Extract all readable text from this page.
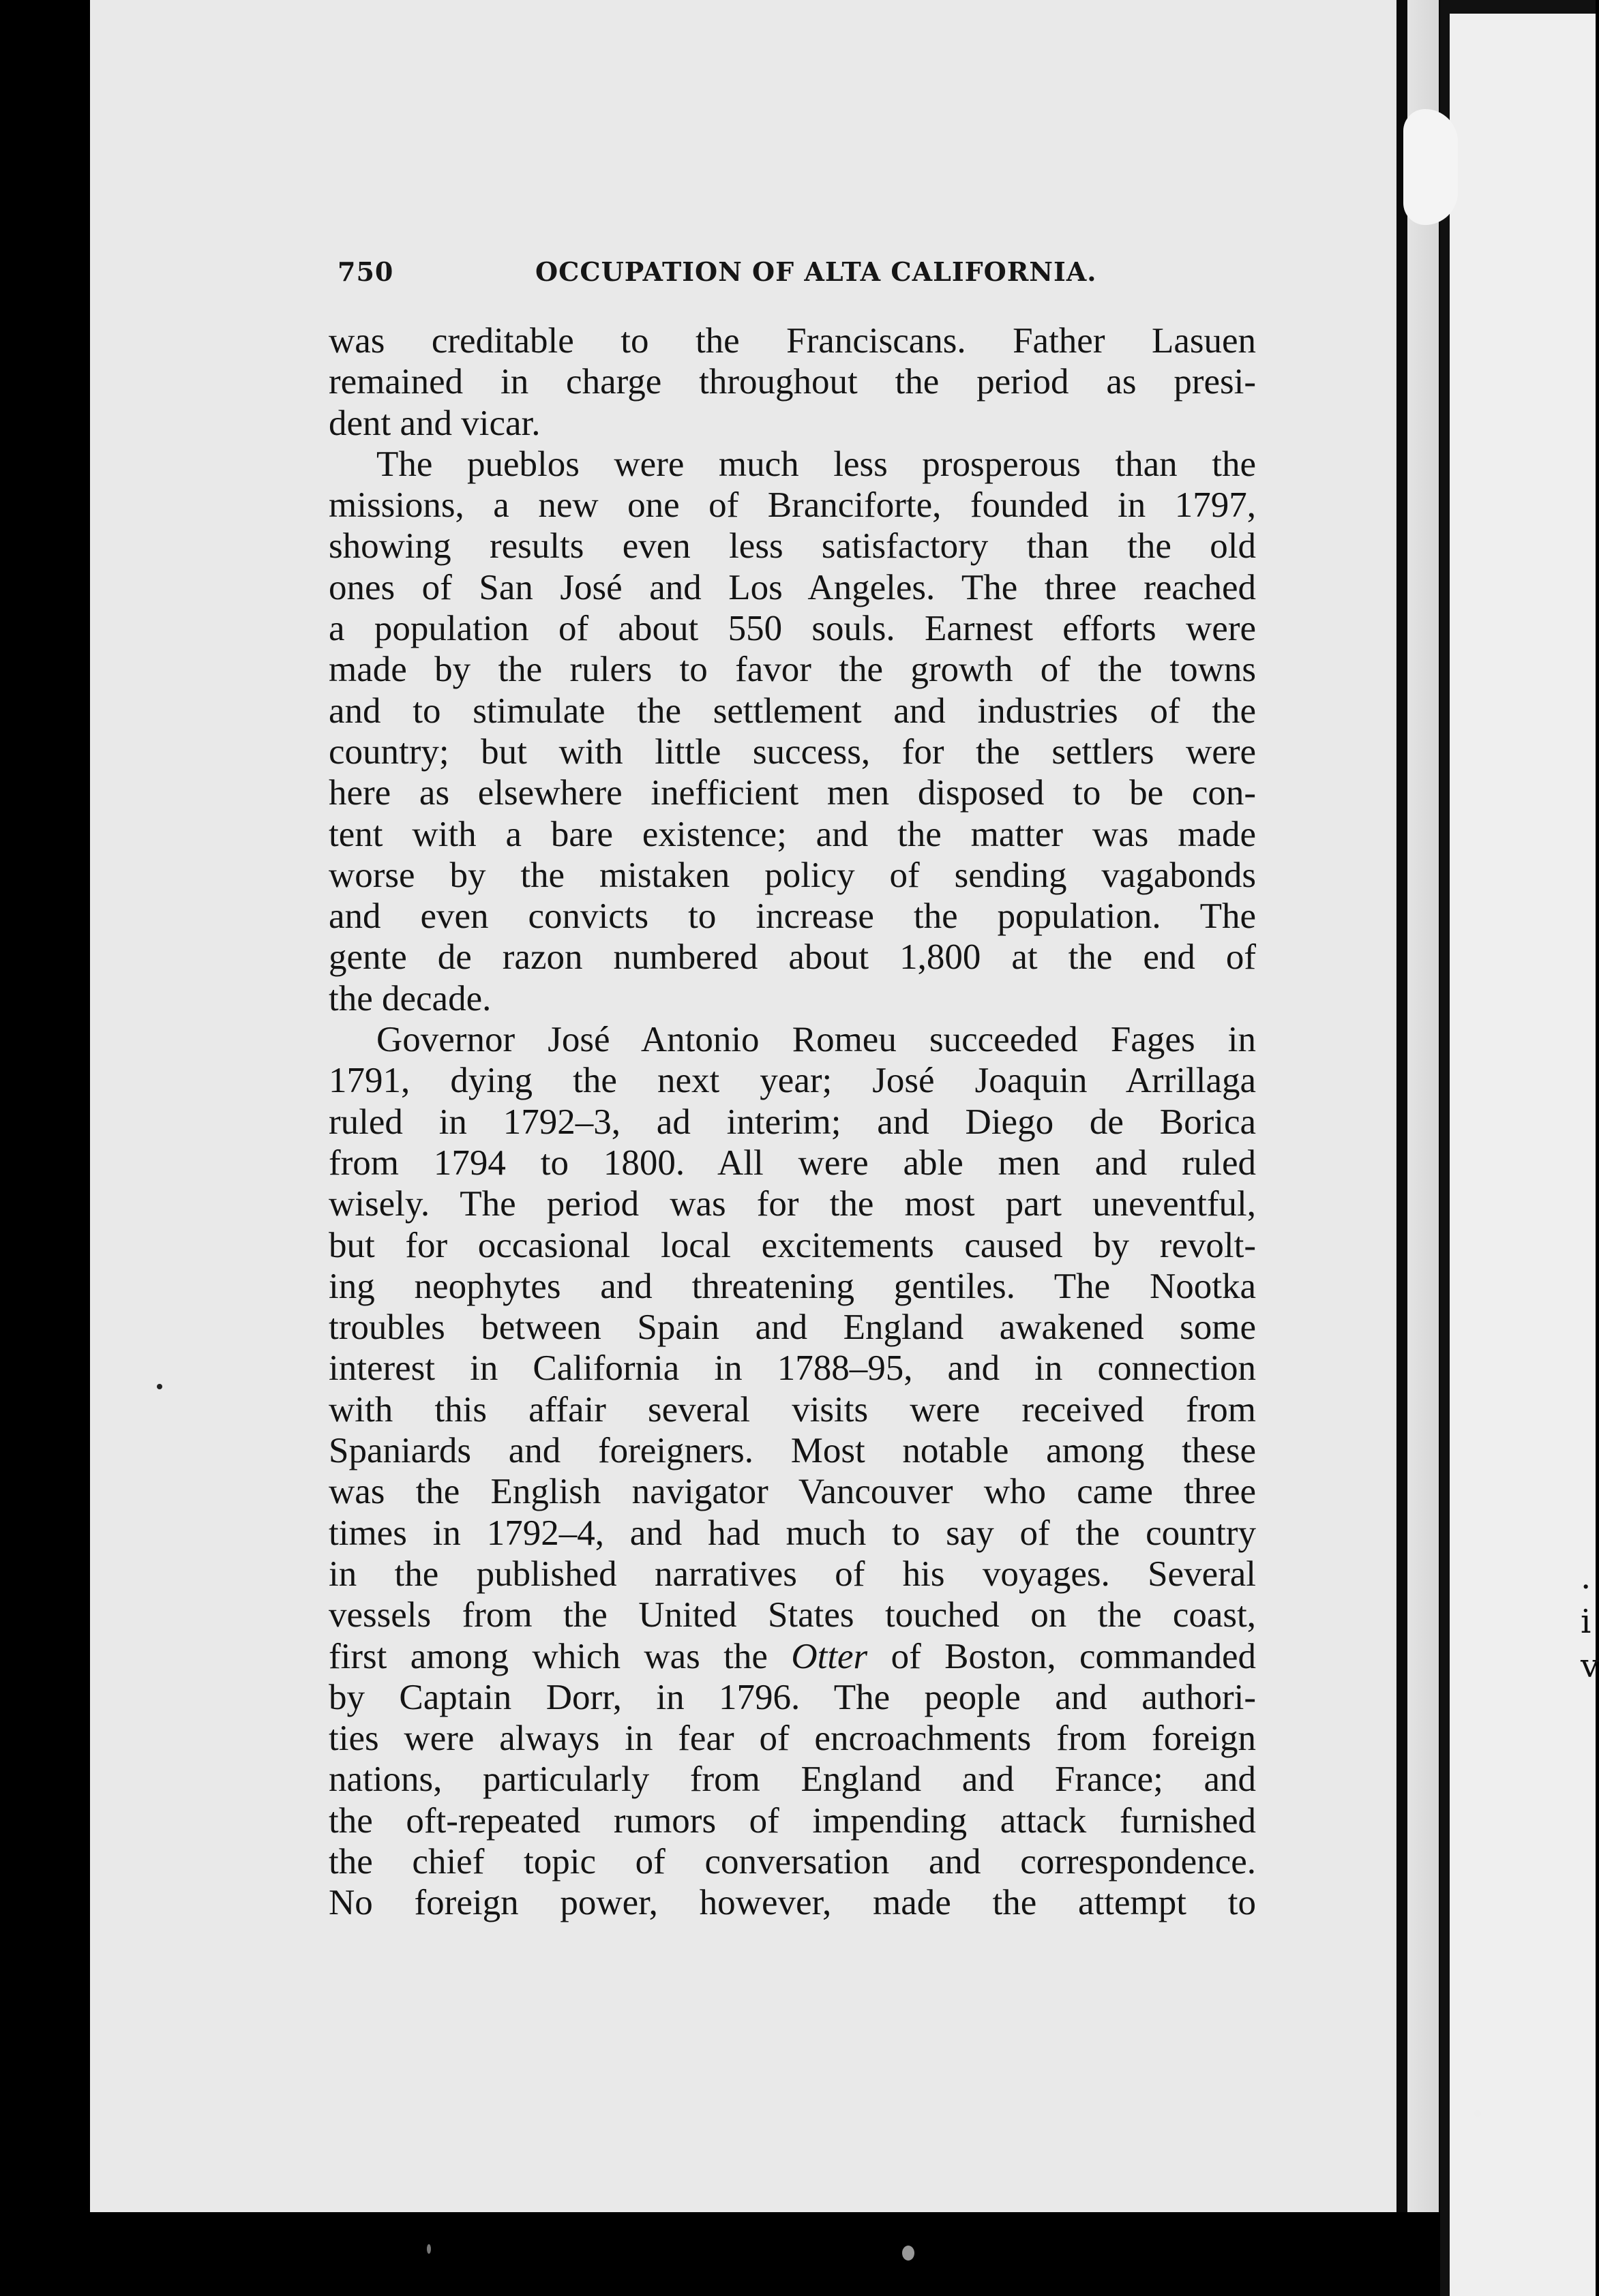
.
i
v
750	OCCUPATION OF ALTA CALIFORNIA.
was creditable to the Franciscans. Father Lasuen
remained in charge throughout the period as presi-
dent and vicar.
The pueblos were much less prosperous than the
missions, a new one of Branciforte, founded in 1797,
showing results even less satisfactory than the old
ones of San José and Los Angeles. The three reached
a population of about 550 souls. Earnest efforts were
made by the rulers to favor the growth of the towns
and to stimulate the settlement and industries of the
country; but with little success, for the settlers were
here as elsewhere inefficient men disposed to be con-
tent with a bare existence; and the matter was made
worse by the mistaken policy of sending vagabonds
and even convicts to increase the population. The
gente de razon numbered about 1,800 at the end of
the decade.
Governor José Antonio Romeu succeeded Fages in
1791, dying the next year; José Joaquin Arrillaga
ruled in 1792–3, ad interim; and Diego de Borica
from 1794 to 1800. All were able men and ruled
wisely. The period was for the most part uneventful,
but for occasional local excitements caused by revolt-
ing neophytes and threatening gentiles. The Nootka
troubles between Spain and England awakened some
interest in California in 1788–95, and in connection
with this affair several visits were received from
Spaniards and foreigners. Most notable among these
was the English navigator Vancouver who came three
times in 1792–4, and had much to say of the country
in the published narratives of his voyages. Several
vessels from the United States touched on the coast,
first among which was the Otter of Boston, commanded
by Captain Dorr, in 1796. The people and authori-
ties were always in fear of encroachments from foreign
nations, particularly from England and France; and
the oft-repeated rumors of impending attack furnished
the chief topic of conversation and correspondence.
No foreign power, however, made the attempt to
